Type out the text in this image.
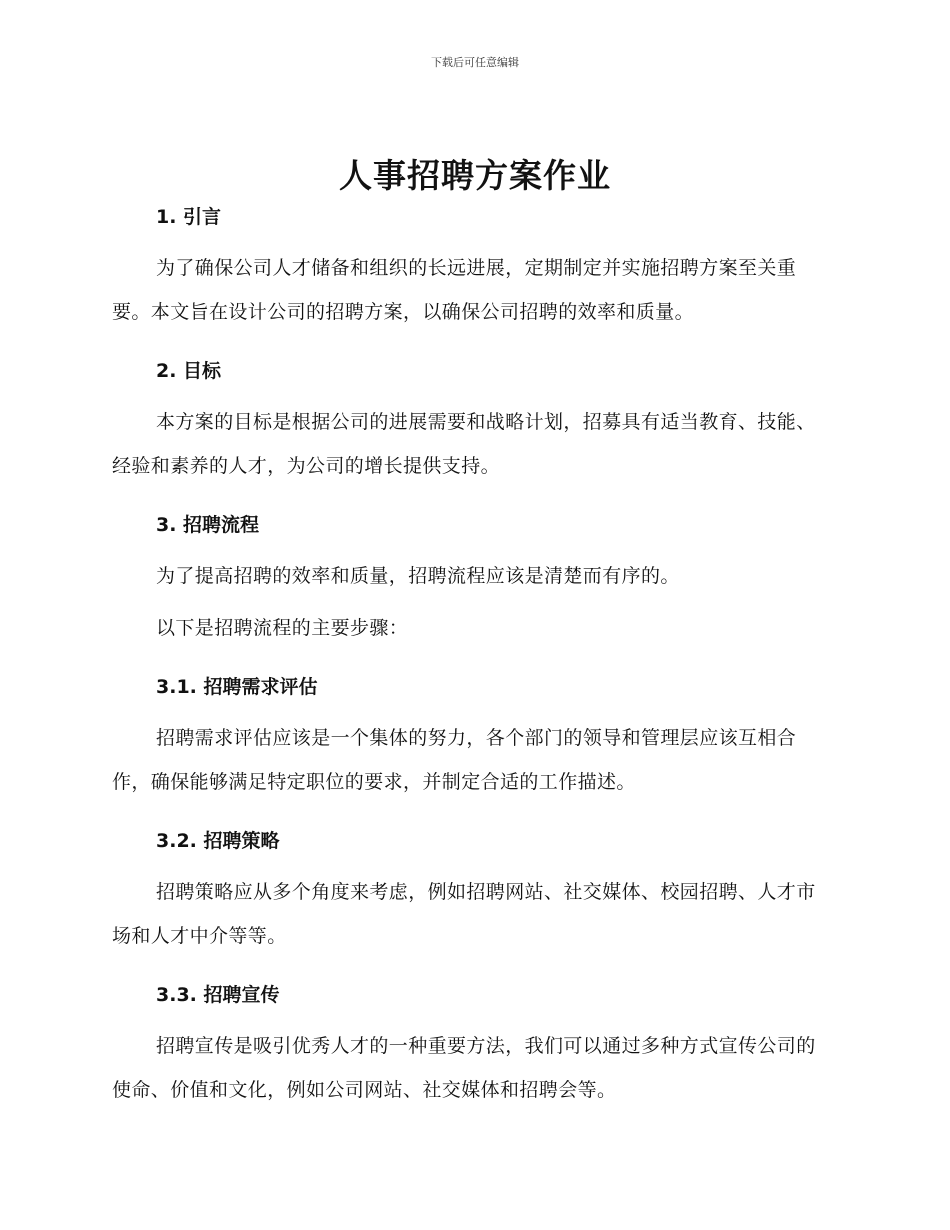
下载后可任意编辑
人事招聘方案作业
1. 引言

为了确保公司人才储备和组织的长远进展，定期制定并实施招聘方案至关重要。本文旨在设计公司的招聘方案，以确保公司招聘的效率和质量。

2. 目标

本方案的目标是根据公司的进展需要和战略计划，招募具有适当教育、技能、经验和素养的人才，为公司的增长提供支持。

3. 招聘流程

为了提高招聘的效率和质量，招聘流程应该是清楚而有序的。

以下是招聘流程的主要步骤：

3.1. 招聘需求评估

招聘需求评估应该是一个集体的努力，各个部门的领导和管理层应该互相合作，确保能够满足特定职位的要求，并制定合适的工作描述。

3.2. 招聘策略

招聘策略应从多个角度来考虑，例如招聘网站、社交媒体、校园招聘、人才市场和人才中介等等。

3.3. 招聘宣传

招聘宣传是吸引优秀人才的一种重要方法，我们可以通过多种方式宣传公司的使命、价值和文化，例如公司网站、社交媒体和招聘会等。
